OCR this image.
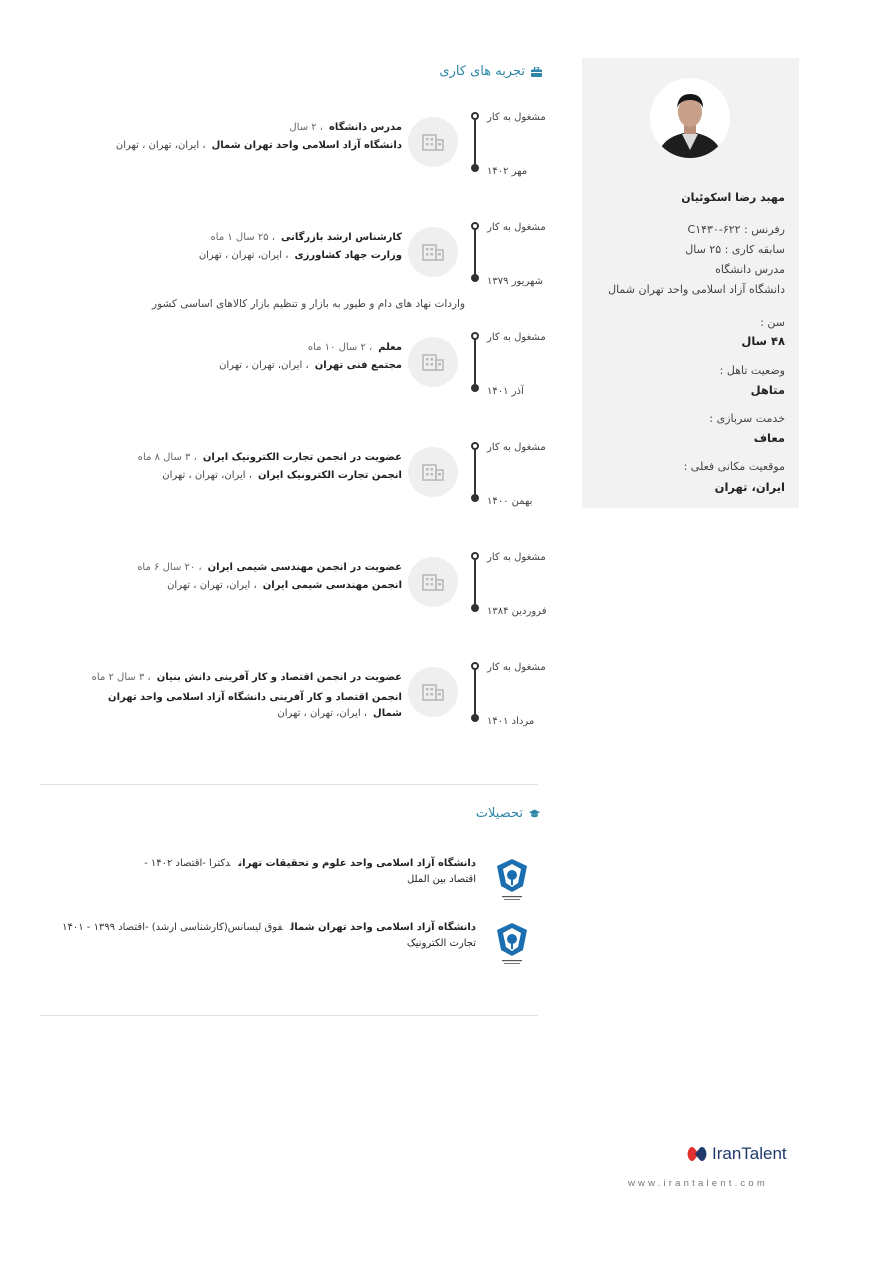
تجربه های کاری
مشغول به کار
مهر ۱۴۰۲
مدرس دانشگاه، ۲ سال
دانشگاه آزاد اسلامی واحد تهران شمال، ایران، تهران ، تهران
مشغول به کار
شهریور ۱۳۷۹
کارشناس ارشد بازرگانی، ۲۵ سال ۱ ماه
وزارت جهاد کشاورزی، ایران، تهران ، تهران
واردات نهاد های دام و طیور به بازار و تنظیم بازار کالاهای اساسی کشور
مشغول به کار
آذر ۱۴۰۱
معلم، ۲ سال ۱۰ ماه
مجتمع فنی تهران، ایران، تهران ، تهران
مشغول به کار
بهمن ۱۴۰۰
عضویت در انجمن تجارت الکترونیک ایران، ۳ سال ۸ ماه
انجمن تجارت الکترونیک ایران، ایران، تهران ، تهران
مشغول به کار
فروردین ۱۳۸۴
عضویت در انجمن مهندسی شیمی ایران، ۲۰ سال ۶ ماه
انجمن مهندسی شیمی ایران، ایران، تهران ، تهران
مشغول به کار
مرداد ۱۴۰۱
عضویت در انجمن اقتصاد و کار آفرینی دانش بنیان، ۳ سال ۲ ماه
انجمن اقتصاد و کار آفرینی دانشگاه آزاد اسلامی واحد تهران شمال، ایران، تهران ، تهران
تحصیلات
دانشگاه آزاد اسلامی واحد علوم و تحقیقات تهراندکترا -اقتصاد ۱۴۰۲ -
اقتصاد بین الملل
دانشگاه آزاد اسلامی واحد تهران شمالفوق لیسانس(کارشناسی ارشد) -اقتصاد ۱۳۹۹ - ۱۴۰۱
تجارت الکترونیک
مهبد رضا اسکوئیان
رفرنس : C۱۴۳۰-۶۲۲
سابقه کاری : ۲۵ سال
مدرس دانشگاه
دانشگاه آزاد اسلامی واحد تهران شمال
سن :
۴۸ سال
وضعیت تاهل :
متاهل
خدمت سربازی :
معاف
موقعیت مکانی فعلی :
ایران، تهران
IranTalent
www.irantalent.com
